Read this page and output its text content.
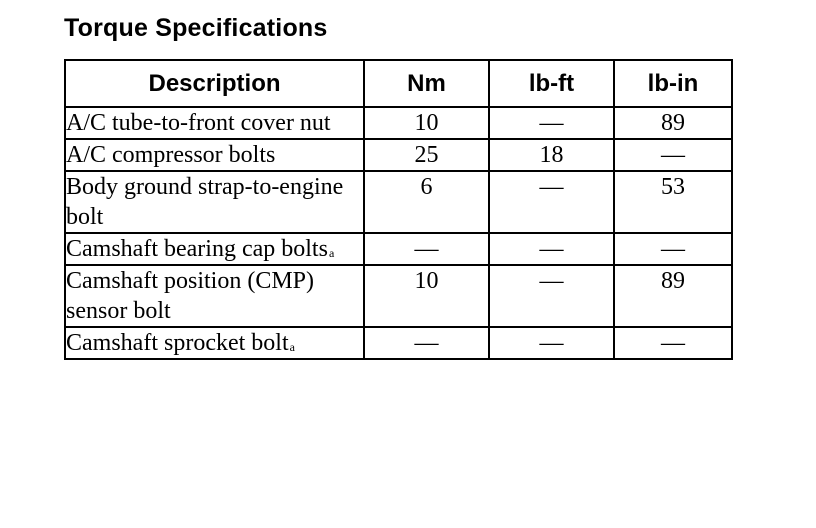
Torque Specifications
Description	Nm	lb-ft	lb-in
A/C tube-to-front cover nut	10	—	89
A/C compressor bolts	25	18	—
Body ground strap-to-engine bolt	6	—	53
Camshaft bearing cap bolts$^a$	—	—	—
Camshaft position (CMP) sensor bolt	10	—	89
Camshaft sprocket bolt$^a$	—	—	—
